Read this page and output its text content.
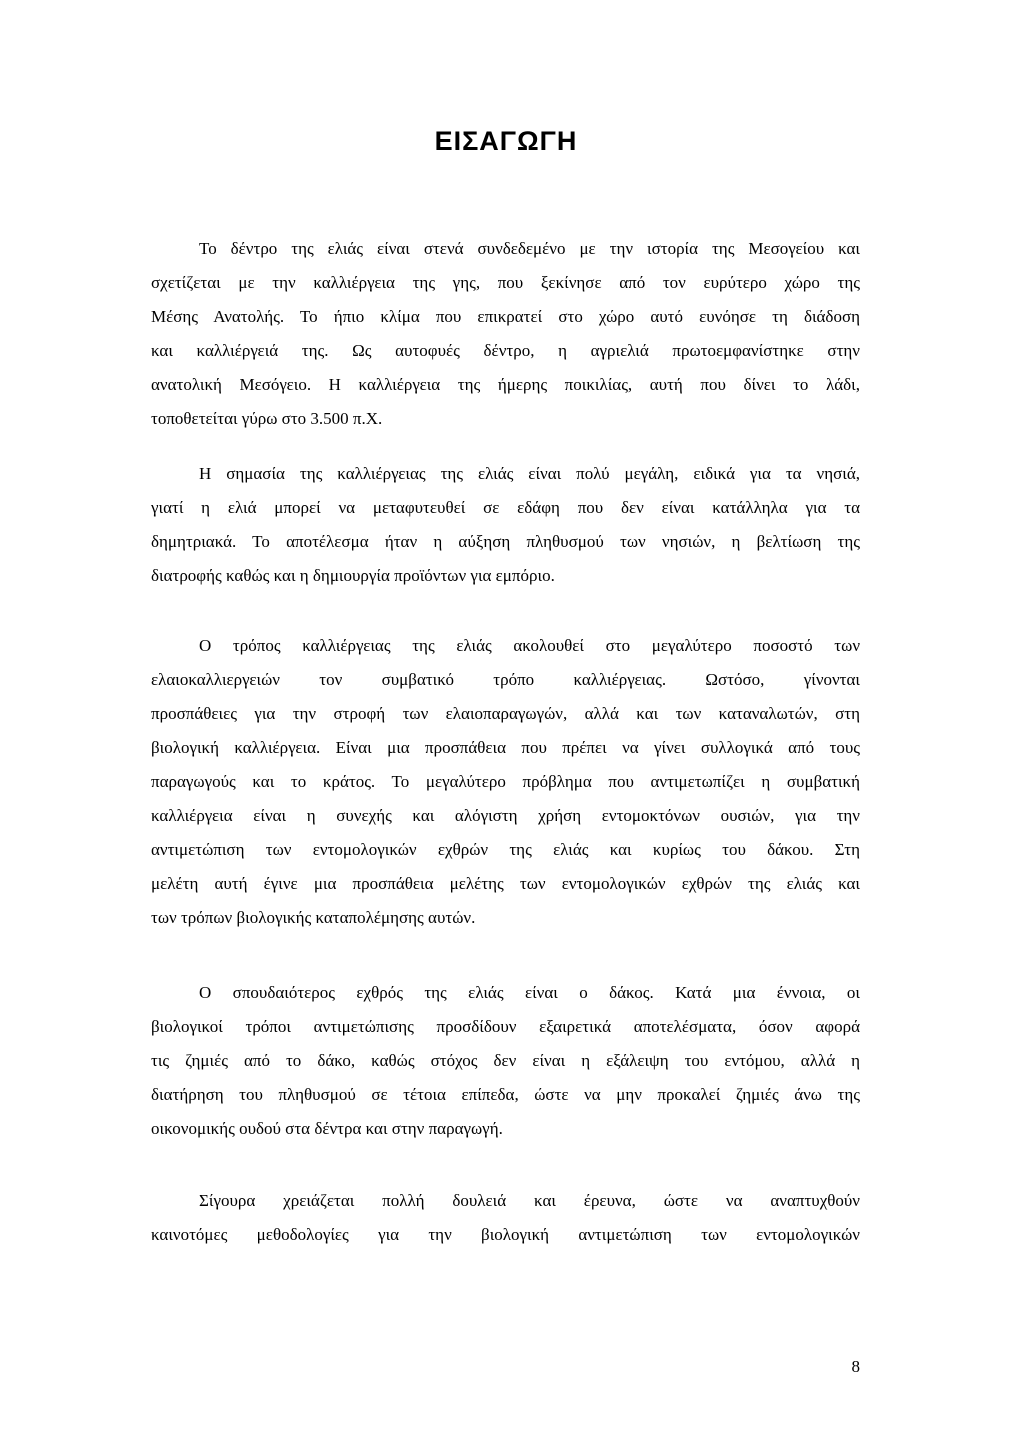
ΕΙΣΑΓΩΓΗ
Το δέντρο της ελιάς είναι στενά συνδεδεμένο με την ιστορία της Μεσογείου και
σχετίζεται με την καλλιέργεια της γης, που ξεκίνησε από τον ευρύτερο χώρο της
Μέσης Ανατολής. Το ήπιο κλίμα που επικρατεί στο χώρο αυτό ευνόησε τη διάδοση
και καλλιέργειά της. Ως αυτοφυές δέντρο, η αγριελιά πρωτοεμφανίστηκε στην
ανατολική Μεσόγειο. Η καλλιέργεια της ήμερης ποικιλίας, αυτή που δίνει το λάδι,
τοποθετείται γύρω στο 3.500 π.Χ.
Η σημασία της καλλιέργειας της ελιάς είναι πολύ μεγάλη, ειδικά για τα νησιά,
γιατί η ελιά μπορεί να μεταφυτευθεί σε εδάφη που δεν είναι κατάλληλα για τα
δημητριακά. Το αποτέλεσμα ήταν η αύξηση πληθυσμού των νησιών, η βελτίωση της
διατροφής καθώς και η δημιουργία προϊόντων για εμπόριο.
Ο τρόπος καλλιέργειας της ελιάς ακολουθεί στο μεγαλύτερο ποσοστό των
ελαιοκαλλιεργειών τον συμβατικό τρόπο καλλιέργειας. Ωστόσο, γίνονται
προσπάθειες για την στροφή των ελαιοπαραγωγών, αλλά και των καταναλωτών, στη
βιολογική καλλιέργεια. Είναι μια προσπάθεια που πρέπει να γίνει συλλογικά από τους
παραγωγούς και το κράτος. Το μεγαλύτερο πρόβλημα που αντιμετωπίζει η συμβατική
καλλιέργεια είναι η συνεχής και αλόγιστη χρήση εντομοκτόνων ουσιών, για την
αντιμετώπιση των εντομολογικών εχθρών της ελιάς και κυρίως του δάκου. Στη
μελέτη αυτή έγινε μια προσπάθεια μελέτης των εντομολογικών εχθρών της ελιάς και
των τρόπων βιολογικής καταπολέμησης αυτών.
Ο σπουδαιότερος εχθρός της ελιάς είναι ο δάκος. Κατά μια έννοια, οι
βιολογικοί τρόποι αντιμετώπισης προσδίδουν εξαιρετικά αποτελέσματα, όσον αφορά
τις ζημιές από το δάκο, καθώς στόχος δεν είναι η εξάλειψη του εντόμου, αλλά η
διατήρηση του πληθυσμού σε τέτοια επίπεδα, ώστε να μην προκαλεί ζημιές άνω της
οικονομικής ουδού στα δέντρα και στην παραγωγή.
Σίγουρα χρειάζεται πολλή δουλειά και έρευνα, ώστε να αναπτυχθούν
καινοτόμες μεθοδολογίες για την βιολογική αντιμετώπιση των εντομολογικών
8
